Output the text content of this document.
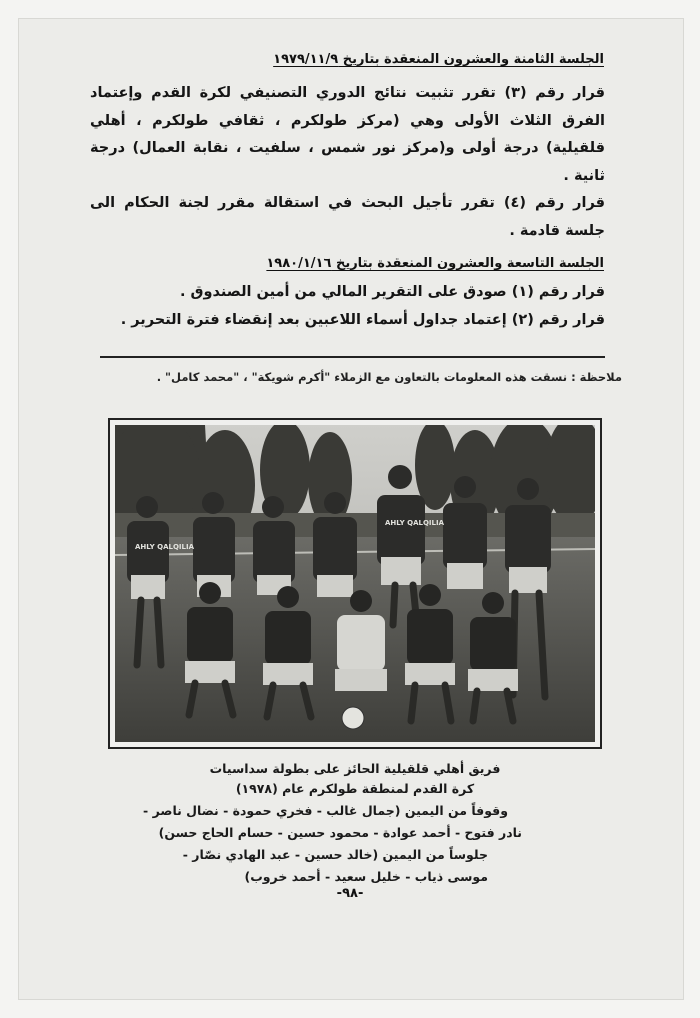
الجلسة الثامنة والعشرون المنعقدة بتاريخ ١٩٧٩/١١/٩

قرار رقم (٣) تقرر تثبيت نتائج الدوري التصنيفي لكرة القدم وإعتماد الفرق الثلاث الأولى وهي (مركز طولكرم ، ثقافي طولكرم ، أهلي قلقيلية) درجة أولى و(مركز نور شمس ، سلفيت ، نقابة العمال) درجة ثانية .

قرار رقم (٤) تقرر تأجيل البحث في استقالة مقرر لجنة الحكام الى جلسة قادمة .

الجلسة التاسعة والعشرون المنعقدة بتاريخ ١٩٨٠/١/١٦
قرار رقم (١) صودق على التقرير المالي من أمين الصندوق .
قرار رقم (٢) إعتماد جداول أسماء اللاعبين بعد إنقضاء فترة التحرير .
ملاحظة : نسقت هذه المعلومات بالتعاون مع الزملاء "أكرم شويكة" ، "محمد كامل" .
AHLY QALQILIA
AHLY QALQILIA
فريق أهلي قلقيلية الحائز على بطولة سداسيات
كرة القدم لمنطقة طولكرم عام (١٩٧٨)
وقوفاً من اليمين (جمال غالب - فخري حمودة - نضال ناصر -
نادر فتوح - أحمد عوادة - محمود حسين - حسام الحاج حسن)
جلوساً من اليمين (خالد حسين - عبد الهادي نصّار -
موسى ذياب - خليل سعيد - أحمد خروب)
-٩٨-
